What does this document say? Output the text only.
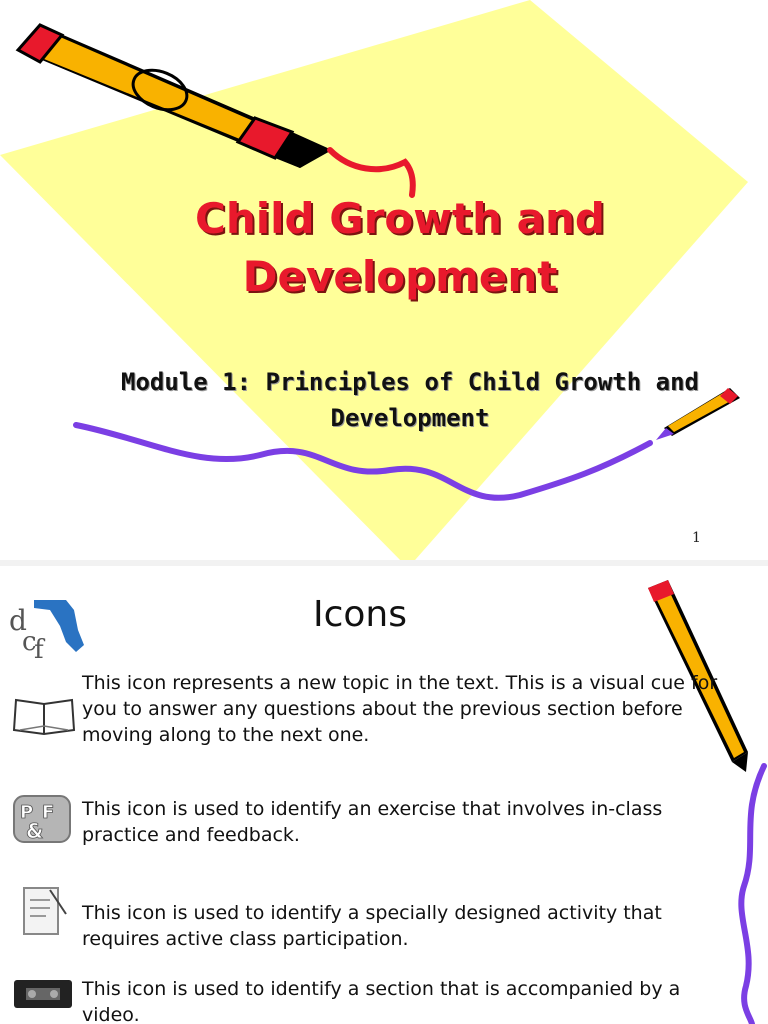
Child Growth and Development
Module 1: Principles of Child Growth and Development
1
d
c
f
Icons
This icon represents a new topic in the text. This is a visual cue for you to answer any questions about the previous section before moving along to the next one.
P F
&
This icon is used to identify an exercise that involves in-class practice and feedback.
This icon is used to identify a specially designed activity that requires active class participation.
This icon is used to identify a section that is accompanied by a video.
